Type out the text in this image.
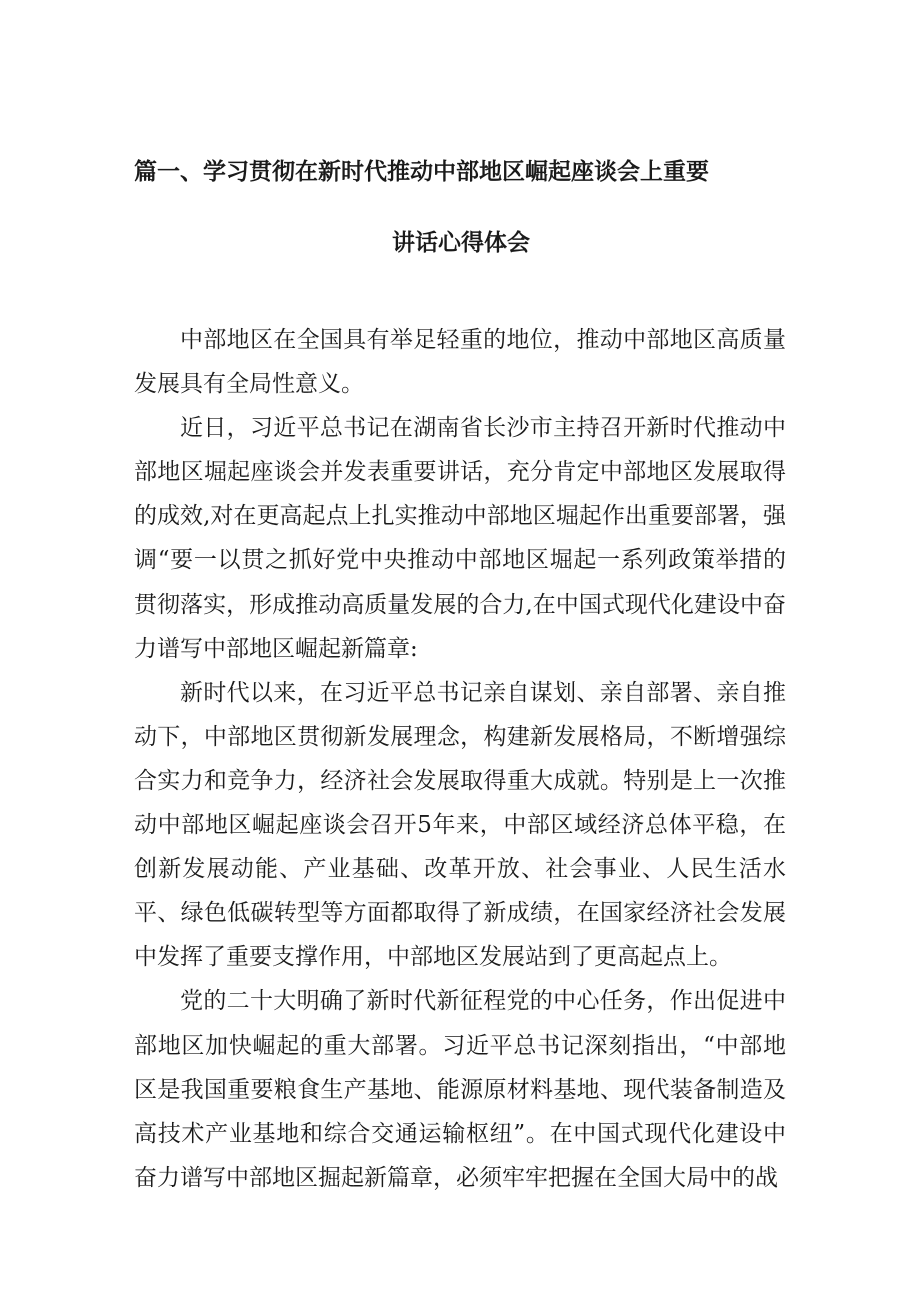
篇一、学习贯彻在新时代推动中部地区崛起座谈会上重要
讲话心得体会

中部地区在全国具有举足轻重的地位，推动中部地区高质量发展具有全局性意义。

近日，习近平总书记在湖南省长沙市主持召开新时代推动中部地区堀起座谈会并发表重要讲话，充分肯定中部地区发展取得的成效,对在更高起点上扎实推动中部地区堀起作出重要部署，强调“要一以贯之抓好党中央推动中部地区堀起一系列政策举措的贯彻落实，形成推动高质量发展的合力,在中国式现代化建设中奋力谱写中部地区崛起新篇章:

新时代以来，在习近平总书记亲自谋划、亲自部署、亲自推动下，中部地区贯彻新发展理念，构建新发展格局，不断增强综合实力和竞争力，经济社会发展取得重大成就。特别是上一次推动中部地区崛起座谈会召开5年来，中部区域经济总体平稳，在创新发展动能、产业基础、改革开放、社会事业、人民生活水平、绿色低碳转型等方面都取得了新成绩，在国家经济社会发展中发挥了重要支撑作用，中部地区发展站到了更高起点上。

党的二十大明确了新时代新征程党的中心任务，作出促进中部地区加快崛起的重大部署。习近平总书记深刻指出，“中部地区是我国重要粮食生产基地、能源原材料基地、现代装备制造及高技术产业基地和综合交通运输枢纽”。在中国式现代化建设中奋力谱写中部地区掘起新篇章，必须牢牢把握在全国大局中的战
